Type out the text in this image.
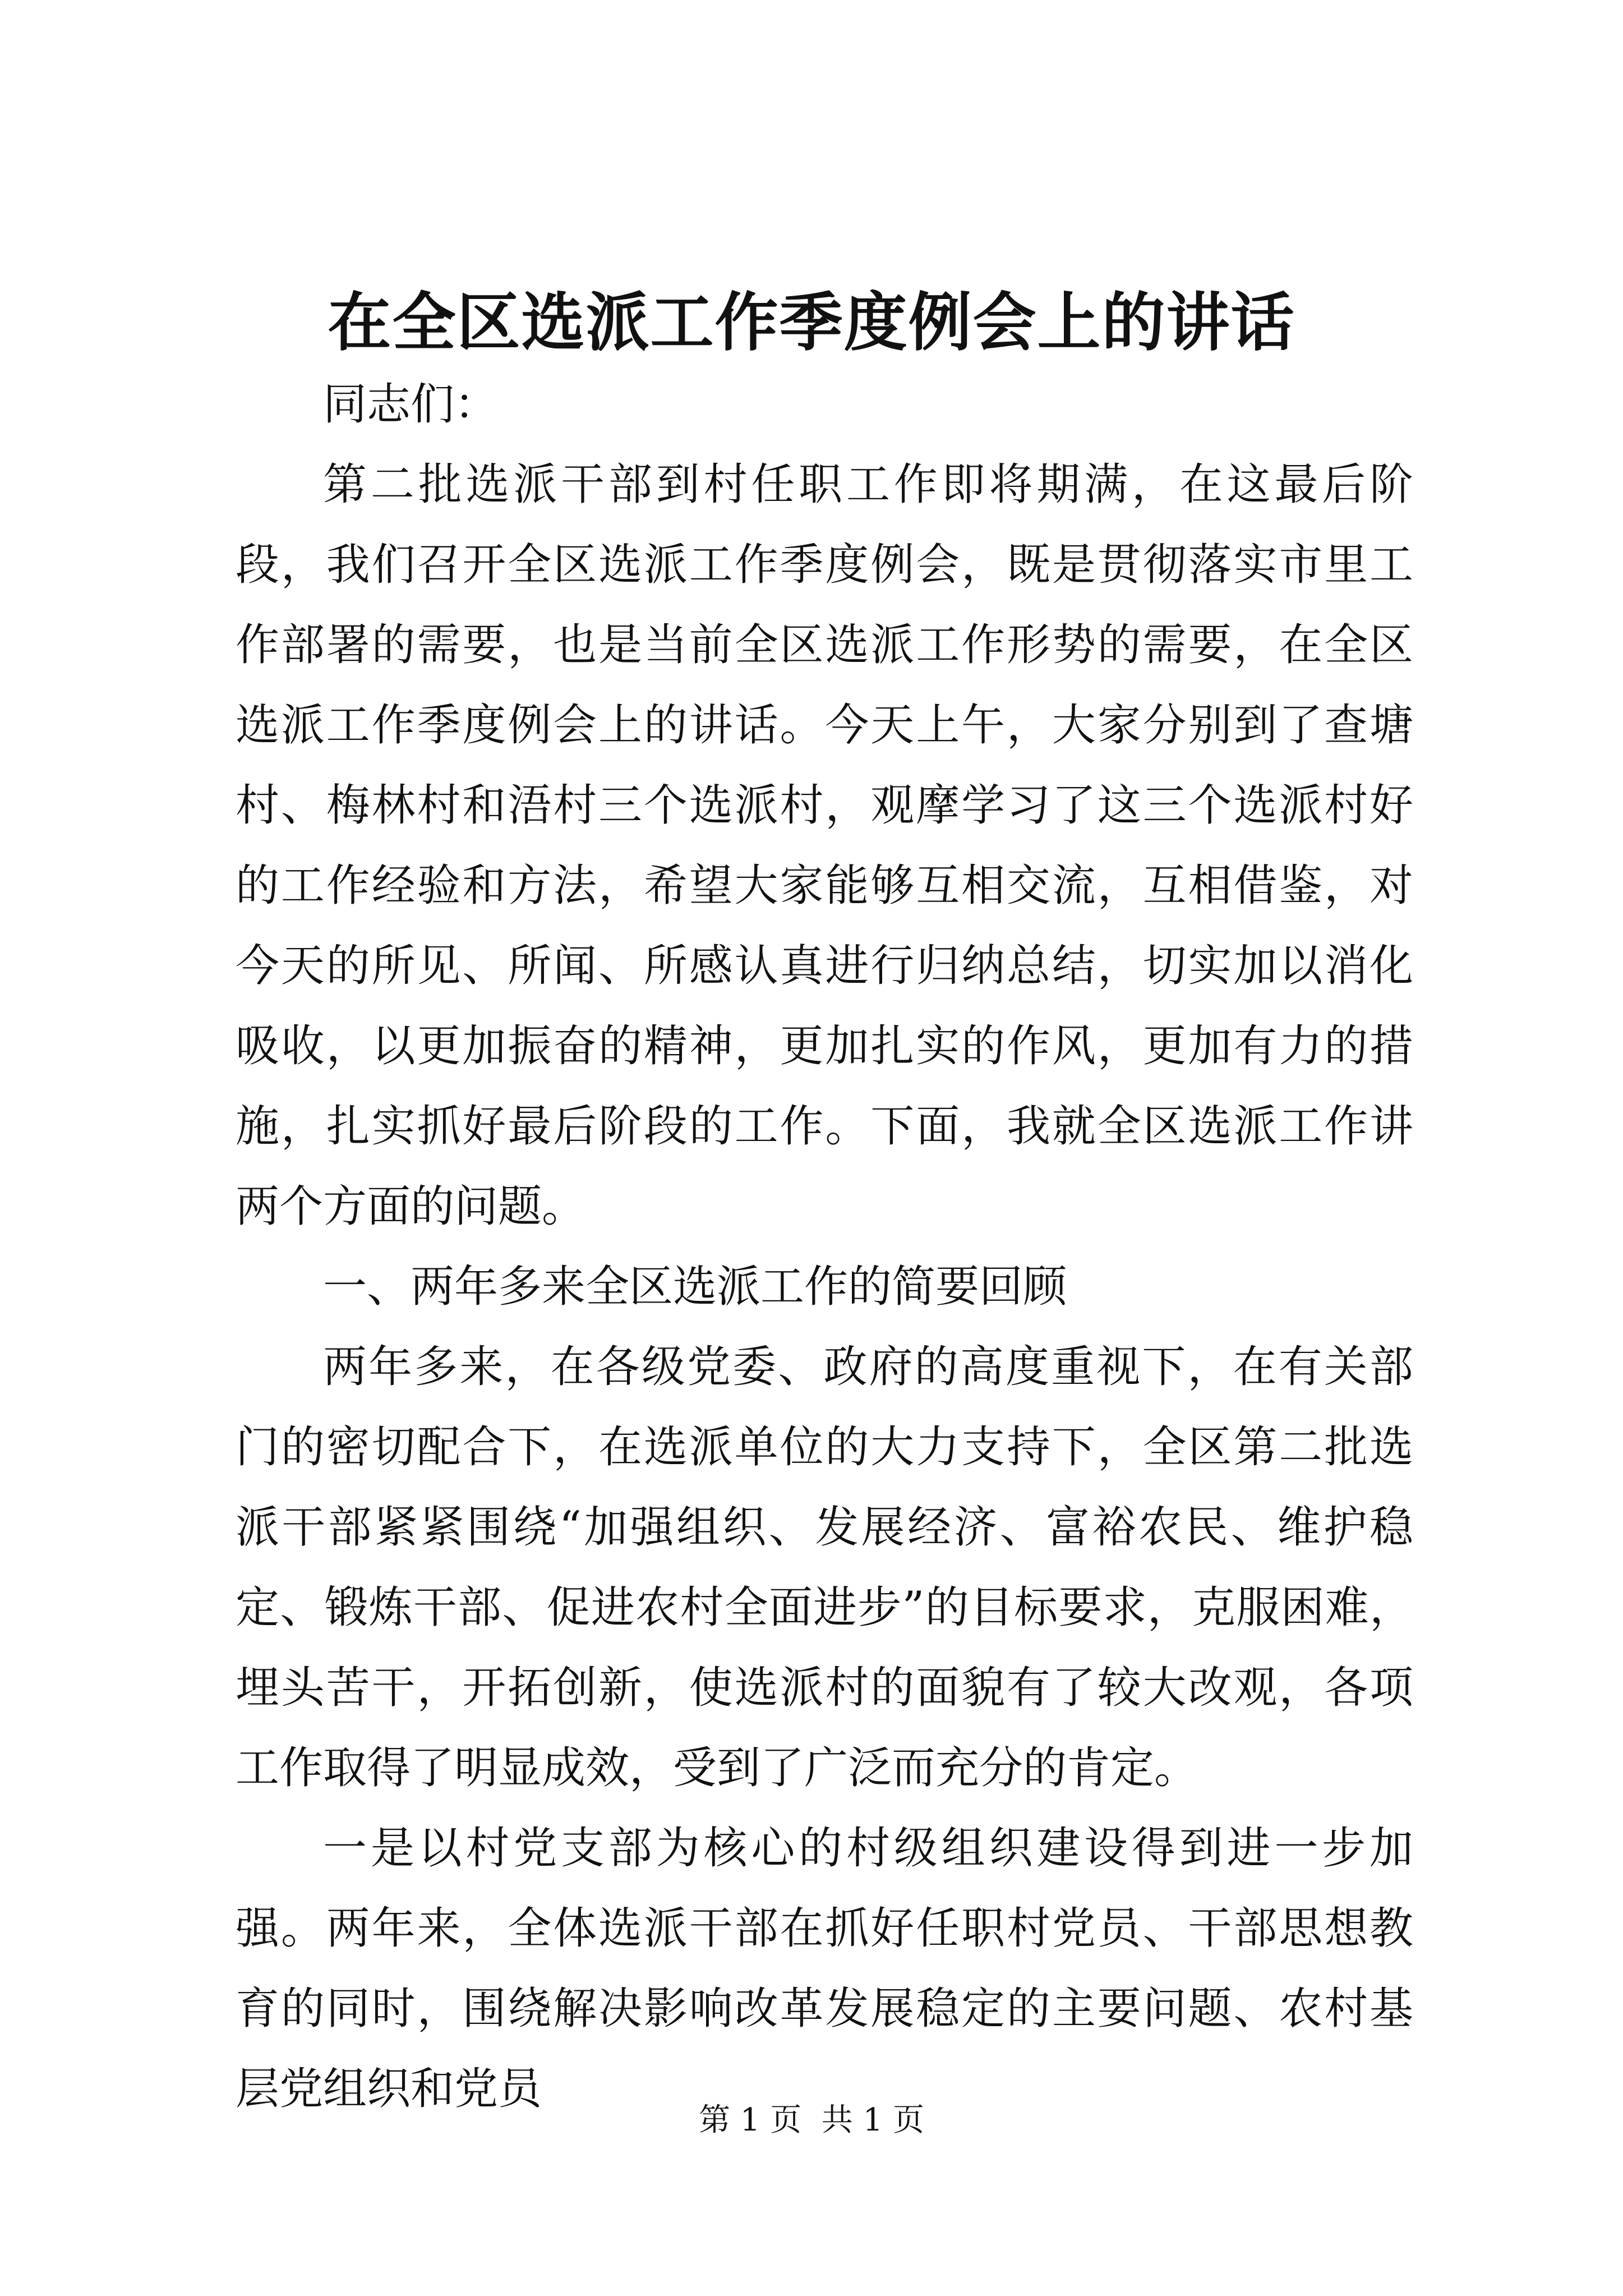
在全区选派工作季度例会上的讲话

同志们：

第二批选派干部到村任职工作即将期满，在这最后阶段，我们召开全区选派工作季度例会，既是贯彻落实市里工作部署的需要，也是当前全区选派工作形势的需要，在全区选派工作季度例会上的讲话。今天上午，大家分别到了查塘村、梅林村和浯村三个选派村，观摩学习了这三个选派村好的工作经验和方法，希望大家能够互相交流，互相借鉴，对今天的所见、所闻、所感认真进行归纳总结，切实加以消化吸收，以更加振奋的精神，更加扎实的作风，更加有力的措施，扎实抓好最后阶段的工作。下面，我就全区选派工作讲两个方面的问题。

一、两年多来全区选派工作的简要回顾

两年多来，在各级党委、政府的高度重视下，在有关部门的密切配合下，在选派单位的大力支持下，全区第二批选派干部紧紧围绕“加强组织、发展经济、富裕农民、维护稳定、锻炼干部、促进农村全面进步”的目标要求，克服困难，埋头苦干，开拓创新，使选派村的面貌有了较大改观，各项工作取得了明显成效，受到了广泛而充分的肯定。

一是以村党支部为核心的村级组织建设得到进一步加强。两年来，全体选派干部在抓好任职村党员、干部思想教育的同时，围绕解决影响改革发展稳定的主要问题、农村基层党组织和党员

第 1 页  共 1 页
